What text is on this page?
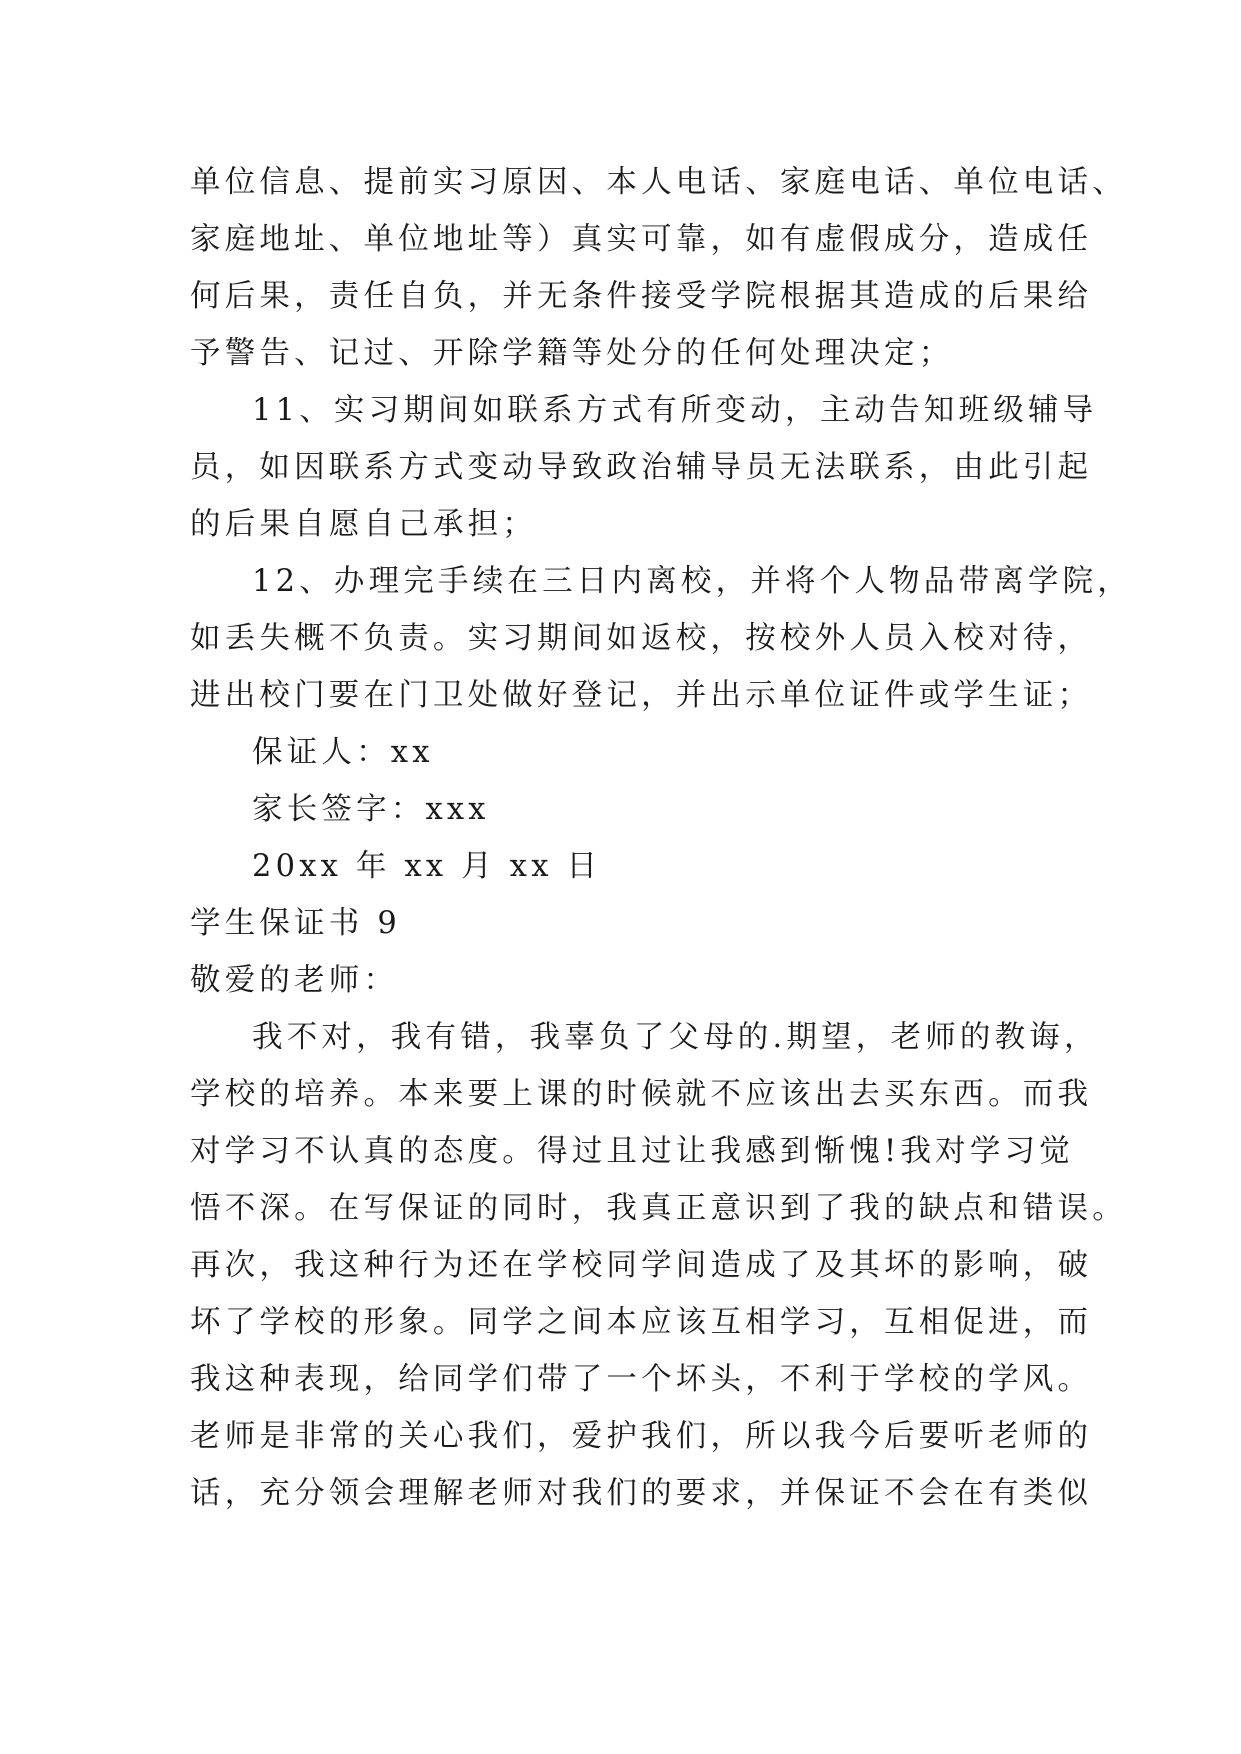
单位信息、提前实习原因、本人电话、家庭电话、单位电话、
家庭地址、单位地址等）真实可靠，如有虚假成分，造成任
何后果，责任自负，并无条件接受学院根据其造成的后果给
予警告、记过、开除学籍等处分的任何处理决定；
11、实习期间如联系方式有所变动，主动告知班级辅导
员，如因联系方式变动导致政治辅导员无法联系，由此引起
的后果自愿自己承担；
12、办理完手续在三日内离校，并将个人物品带离学院，
如丢失概不负责。实习期间如返校，按校外人员入校对待，
进出校门要在门卫处做好登记，并出示单位证件或学生证；
保证人：xx
家长签字：xxx
20xx 年 xx 月 xx 日
学生保证书 9
敬爱的老师：
我不对，我有错，我辜负了父母的.期望，老师的教诲，
学校的培养。本来要上课的时候就不应该出去买东西。而我
对学习不认真的态度。得过且过让我感到惭愧!我对学习觉
悟不深。在写保证的同时，我真正意识到了我的缺点和错误。
再次，我这种行为还在学校同学间造成了及其坏的影响，破
坏了学校的形象。同学之间本应该互相学习，互相促进，而
我这种表现，给同学们带了一个坏头，不利于学校的学风。
老师是非常的关心我们，爱护我们，所以我今后要听老师的
话，充分领会理解老师对我们的要求，并保证不会在有类似
